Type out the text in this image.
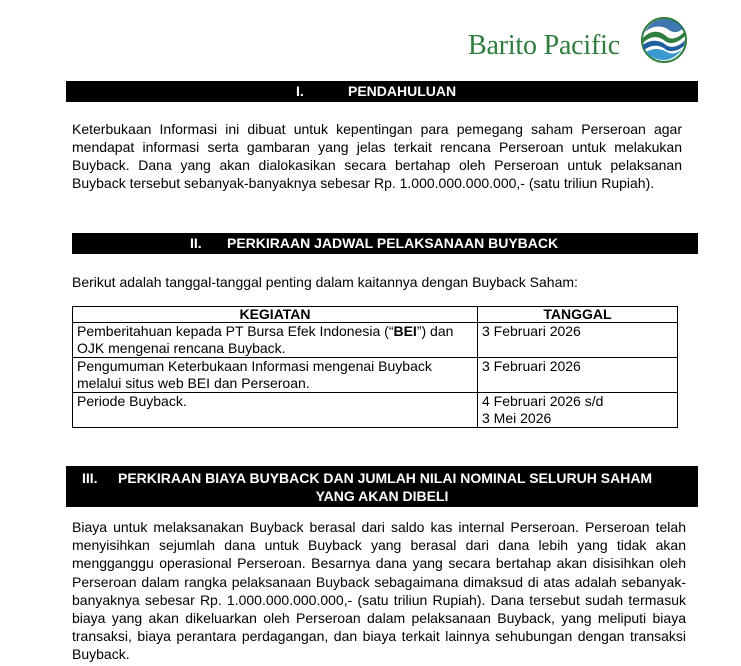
Barito Pacific
I.	PENDAHULUAN
Keterbukaan Informasi ini dibuat untuk kepentingan para pemegang saham Perseroan agar mendapat informasi serta gambaran yang jelas terkait rencana Perseroan untuk melakukan Buyback. Dana yang akan dialokasikan secara bertahap oleh Perseroan untuk pelaksanan Buyback tersebut sebanyak-banyaknya sebesar Rp. 1.000.000.000.000,- (satu triliun Rupiah).
II. PERKIRAAN JADWAL PELAKSANAAN BUYBACK
Berikut adalah tanggal-tanggal penting dalam kaitannya dengan Buyback Saham:
KEGIATAN	TANGGAL
Pemberitahuan kepada PT Bursa Efek Indonesia (“BEI”) dan OJK mengenai rencana Buyback.	3 Februari 2026
Pengumuman Keterbukaan Informasi mengenai Buyback melalui situs web BEI dan Perseroan.	3 Februari 2026
Periode Buyback.	4 Februari 2026 s/d
3 Mei 2026
III. PERKIRAAN BIAYA BUYBACK DAN JUMLAH NILAI NOMINAL SELURUH SAHAM
YANG AKAN DIBELI
Biaya untuk melaksanakan Buyback berasal dari saldo kas internal Perseroan. Perseroan telah menyisihkan sejumlah dana untuk Buyback yang berasal dari dana lebih yang tidak akan mengganggu operasional Perseroan. Besarnya dana yang secara bertahap akan disisihkan oleh Perseroan dalam rangka pelaksanaan Buyback sebagaimana dimaksud di atas adalah sebanyak-banyaknya sebesar Rp. 1.000.000.000.000,- (satu triliun Rupiah). Dana tersebut sudah termasuk biaya yang akan dikeluarkan oleh Perseroan dalam pelaksanaan Buyback, yang meliputi biaya transaksi, biaya perantara perdagangan, dan biaya terkait lainnya sehubungan dengan transaksi Buyback.
